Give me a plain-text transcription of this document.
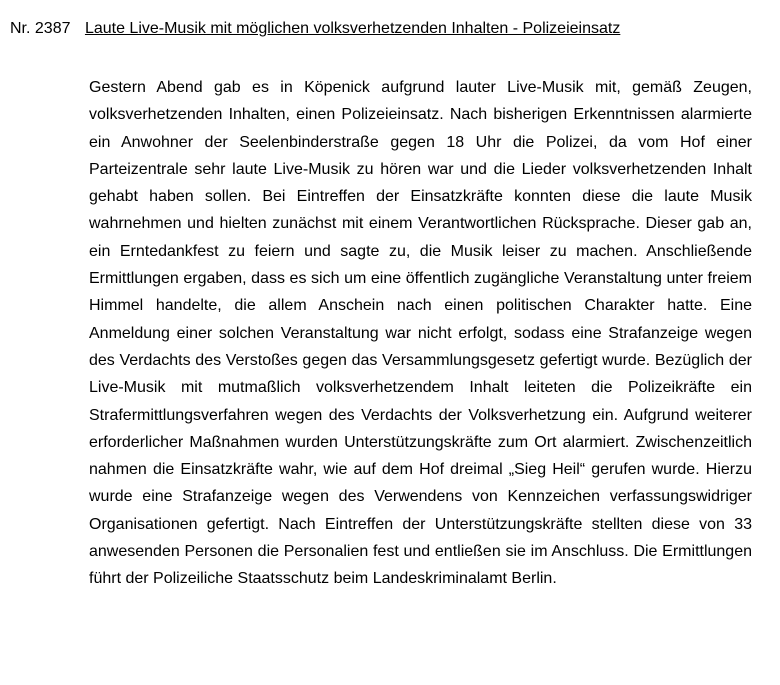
Nr. 2387 Laute Live-Musik mit möglichen volksverhetzenden Inhalten - Polizeieinsatz

Gestern Abend gab es in Köpenick aufgrund lauter Live-Musik mit, gemäß Zeugen, volksverhetzenden Inhalten, einen Polizeieinsatz. Nach bisherigen Erkenntnissen alarmierte ein Anwohner der Seelenbinderstraße gegen 18 Uhr die Polizei, da vom Hof einer Parteizentrale sehr laute Live-Musik zu hören war und die Lieder volksverhetzenden Inhalt gehabt haben sollen. Bei Eintreffen der Einsatzkräfte konnten diese die laute Musik wahrnehmen und hielten zunächst mit einem Verantwortlichen Rücksprache. Dieser gab an, ein Erntedankfest zu feiern und sagte zu, die Musik leiser zu machen. Anschließende Ermittlungen ergaben, dass es sich um eine öffentlich zugängliche Veranstaltung unter freiem Himmel handelte, die allem Anschein nach einen politischen Charakter hatte. Eine Anmeldung einer solchen Veranstaltung war nicht erfolgt, sodass eine Strafanzeige wegen des Verdachts des Verstoßes gegen das Versammlungsgesetz gefertigt wurde. Bezüglich der Live-Musik mit mutmaßlich volksverhetzendem Inhalt leiteten die Polizeikräfte ein Strafermittlungsverfahren wegen des Verdachts der Volksverhetzung ein. Aufgrund weiterer erforderlicher Maßnahmen wurden Unterstützungskräfte zum Ort alarmiert. Zwischenzeitlich nahmen die Einsatzkräfte wahr, wie auf dem Hof dreimal „Sieg Heil“ gerufen wurde. Hierzu wurde eine Strafanzeige wegen des Verwendens von Kennzeichen verfassungswidriger Organisationen gefertigt. Nach Eintreffen der Unterstützungskräfte stellten diese von 33 anwesenden Personen die Personalien fest und entließen sie im Anschluss. Die Ermittlungen führt der Polizeiliche Staatsschutz beim Landeskriminalamt Berlin.
